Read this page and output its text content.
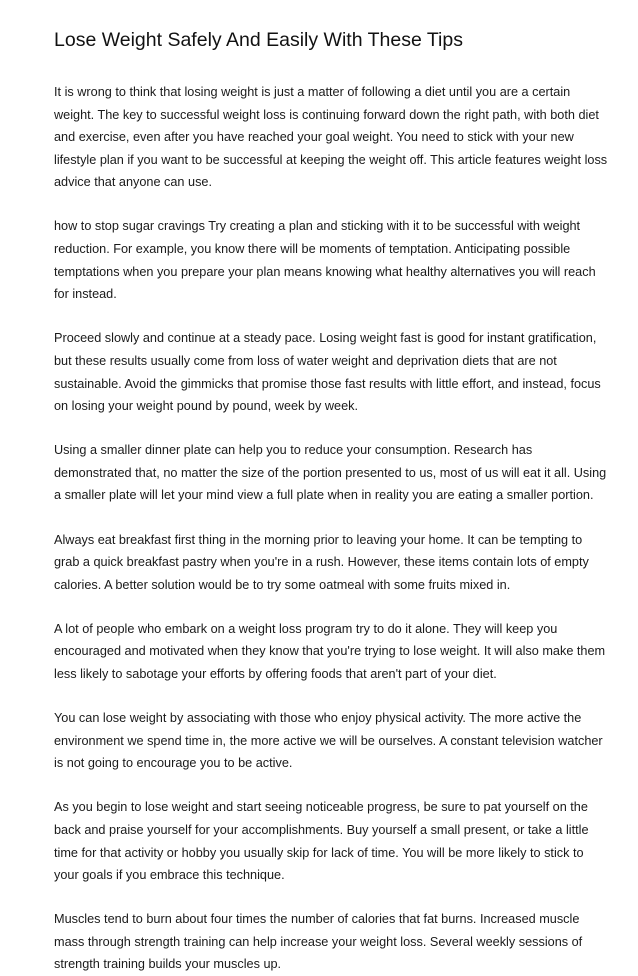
Lose Weight Safely And Easily With These Tips

It is wrong to think that losing weight is just a matter of following a diet until you are a certain weight. The key to successful weight loss is continuing forward down the right path, with both diet and exercise, even after you have reached your goal weight. You need to stick with your new lifestyle plan if you want to be successful at keeping the weight off. This article features weight loss advice that anyone can use.

how to stop sugar cravings Try creating a plan and sticking with it to be successful with weight reduction. For example, you know there will be moments of temptation. Anticipating possible temptations when you prepare your plan means knowing what healthy alternatives you will reach for instead.

Proceed slowly and continue at a steady pace. Losing weight fast is good for instant gratification, but these results usually come from loss of water weight and deprivation diets that are not sustainable. Avoid the gimmicks that promise those fast results with little effort, and instead, focus on losing your weight pound by pound, week by week.

Using a smaller dinner plate can help you to reduce your consumption. Research has demonstrated that, no matter the size of the portion presented to us, most of us will eat it all. Using a smaller plate will let your mind view a full plate when in reality you are eating a smaller portion.

Always eat breakfast first thing in the morning prior to leaving your home. It can be tempting to grab a quick breakfast pastry when you're in a rush. However, these items contain lots of empty calories. A better solution would be to try some oatmeal with some fruits mixed in.

A lot of people who embark on a weight loss program try to do it alone. They will keep you encouraged and motivated when they know that you're trying to lose weight. It will also make them less likely to sabotage your efforts by offering foods that aren't part of your diet.

You can lose weight by associating with those who enjoy physical activity. The more active the environment we spend time in, the more active we will be ourselves. A constant television watcher is not going to encourage you to be active.

As you begin to lose weight and start seeing noticeable progress, be sure to pat yourself on the back and praise yourself for your accomplishments. Buy yourself a small present, or take a little time for that activity or hobby you usually skip for lack of time. You will be more likely to stick to your goals if you embrace this technique.

Muscles tend to burn about four times the number of calories that fat burns. Increased muscle mass through strength training can help increase your weight loss. Several weekly sessions of strength training builds your muscles up.
